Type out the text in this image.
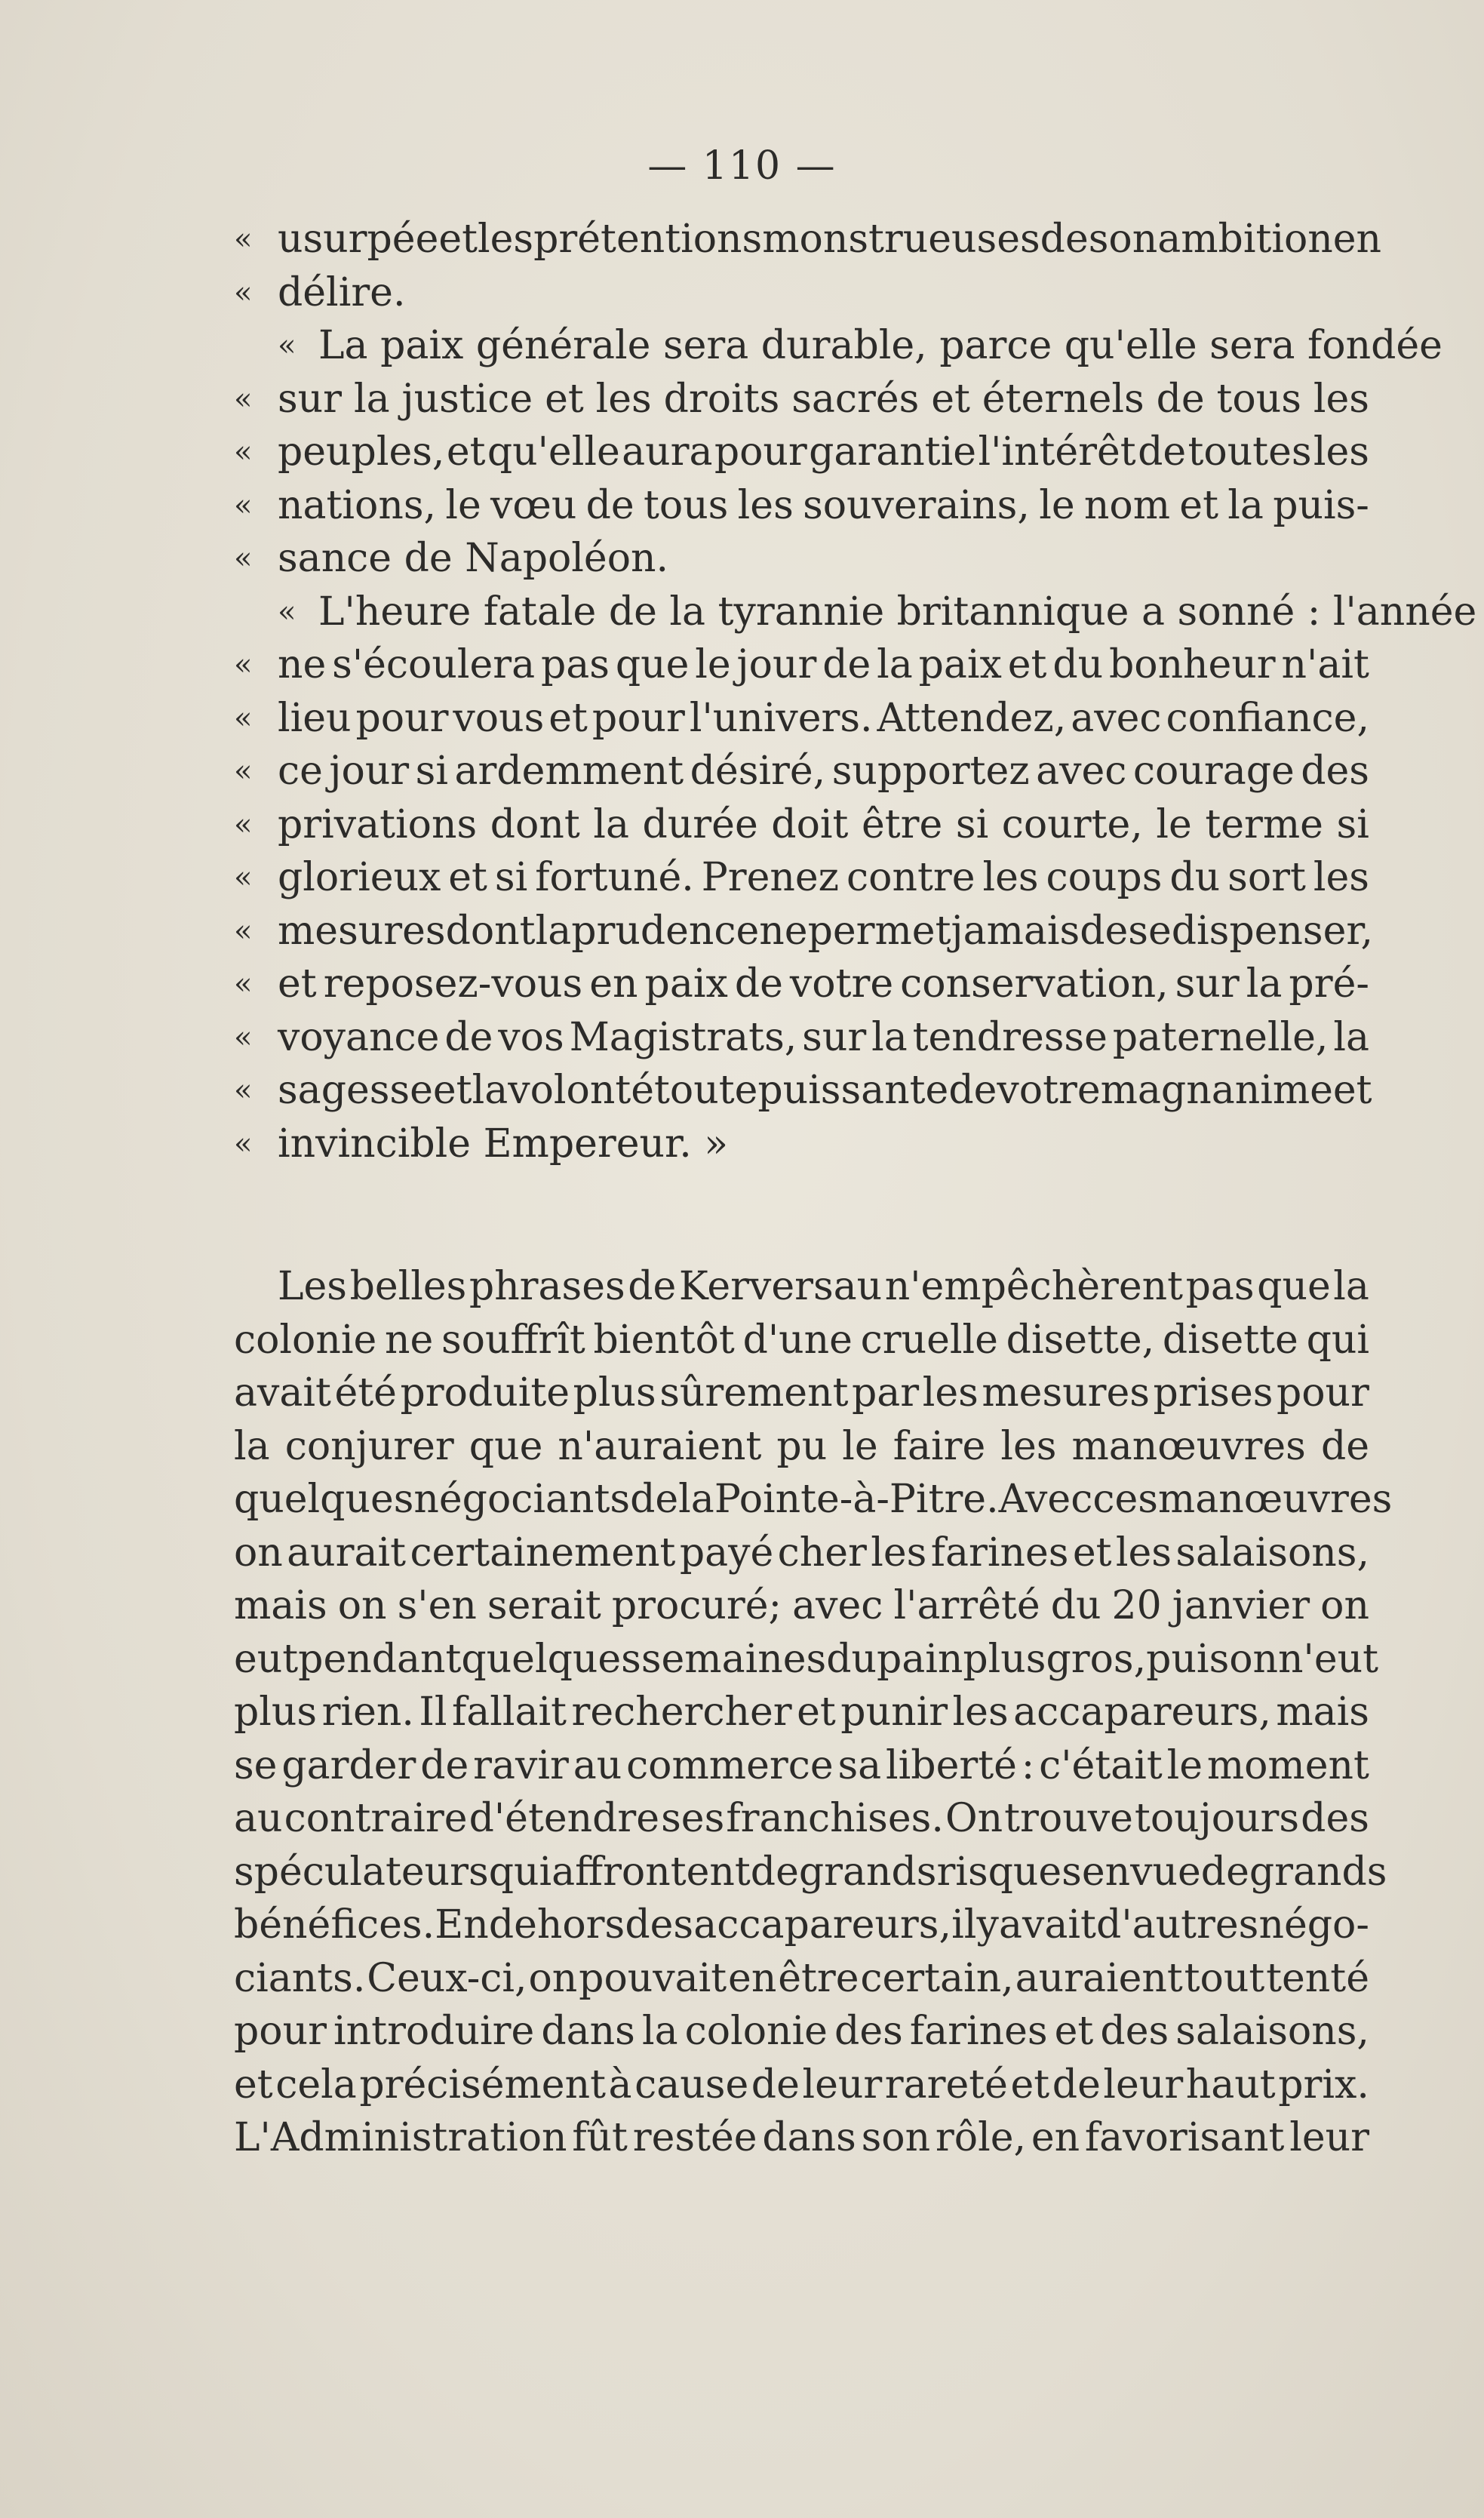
— 110 —
« usurpée et les prétentions monstrueuses de son ambition en
« délire.
« La paix générale sera durable, parce qu'elle sera fondée
« sur la justice et les droits sacrés et éternels de tous les
« peuples, et qu'elle aura pour garantie l'intérêt de toutes les
« nations, le vœu de tous les souverains, le nom et la puis-
« sance de Napoléon.
« L'heure fatale de la tyrannie britannique a sonné : l'année
« ne s'écoulera pas que le jour de la paix et du bonheur n'ait
« lieu pour vous et pour l'univers. Attendez, avec confiance,
« ce jour si ardemment désiré, supportez avec courage des
« privations dont la durée doit être si courte, le terme si
« glorieux et si fortuné. Prenez contre les coups du sort les
« mesures dont la prudence ne permet jamais de se dispenser,
« et reposez-vous en paix de votre conservation, sur la pré-
« voyance de vos Magistrats, sur la tendresse paternelle, la
« sagesse et la volonté toute puissante de votre magnanime et
« invincible Empereur. »
Les belles phrases de Kerversau n'empêchèrent pas que la
colonie ne souffrît bientôt d'une cruelle disette, disette qui
avait été produite plus sûrement par les mesures prises pour
la conjurer que n'auraient pu le faire les manœuvres de
quelques négociants de la Pointe-à-Pitre. Avec ces manœuvres
on aurait certainement payé cher les farines et les salaisons,
mais on s'en serait procuré; avec l'arrêté du 20 janvier on
eut pendant quelques semaines du pain plus gros, puis on n'eut
plus rien. Il fallait rechercher et punir les accapareurs, mais
se garder de ravir au commerce sa liberté : c'était le moment
au contraire d'étendre ses franchises. On trouve toujours des
spéculateurs qui affrontent de grands risques en vue de grands
bénéfices. En dehors des accapareurs, il y avait d'autres négo-
ciants. Ceux-ci, on pouvait en être certain, auraient tout tenté
pour introduire dans la colonie des farines et des salaisons,
et cela précisément à cause de leur rareté et de leur haut prix.
L'Administration fût restée dans son rôle, en favorisant leur
